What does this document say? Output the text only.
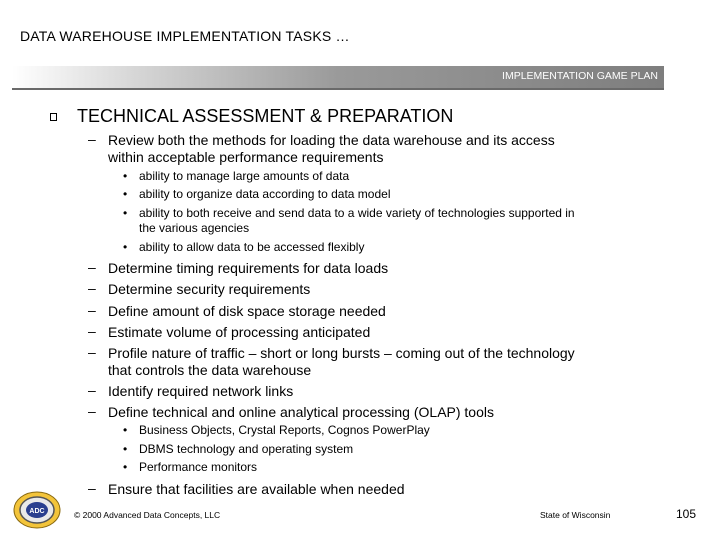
DATA WAREHOUSE IMPLEMENTATION TASKS …
IMPLEMENTATION GAME PLAN
TECHNICAL ASSESSMENT & PREPARATION
– Review both the methods for loading the data warehouse and its access
within acceptable performance requirements
• ability to manage large amounts of data
• ability to organize data according to data model
• ability to both receive and send data to a wide variety of technologies supported in
the various agencies
• ability to allow data to be accessed flexibly
– Determine timing requirements for data loads
– Determine security requirements
– Define amount of disk space storage needed
– Estimate volume of processing anticipated
– Profile nature of traffic – short or long bursts – coming out of the technology
that controls the data warehouse
– Identify required network links
– Define technical and online analytical processing (OLAP) tools
• Business Objects, Crystal Reports, Cognos PowerPlay
• DBMS technology and operating system
• Performance monitors
– Ensure that facilities are available when needed
ADC	© 2000 Advanced Data Concepts, LLC	State of Wisconsin	105
